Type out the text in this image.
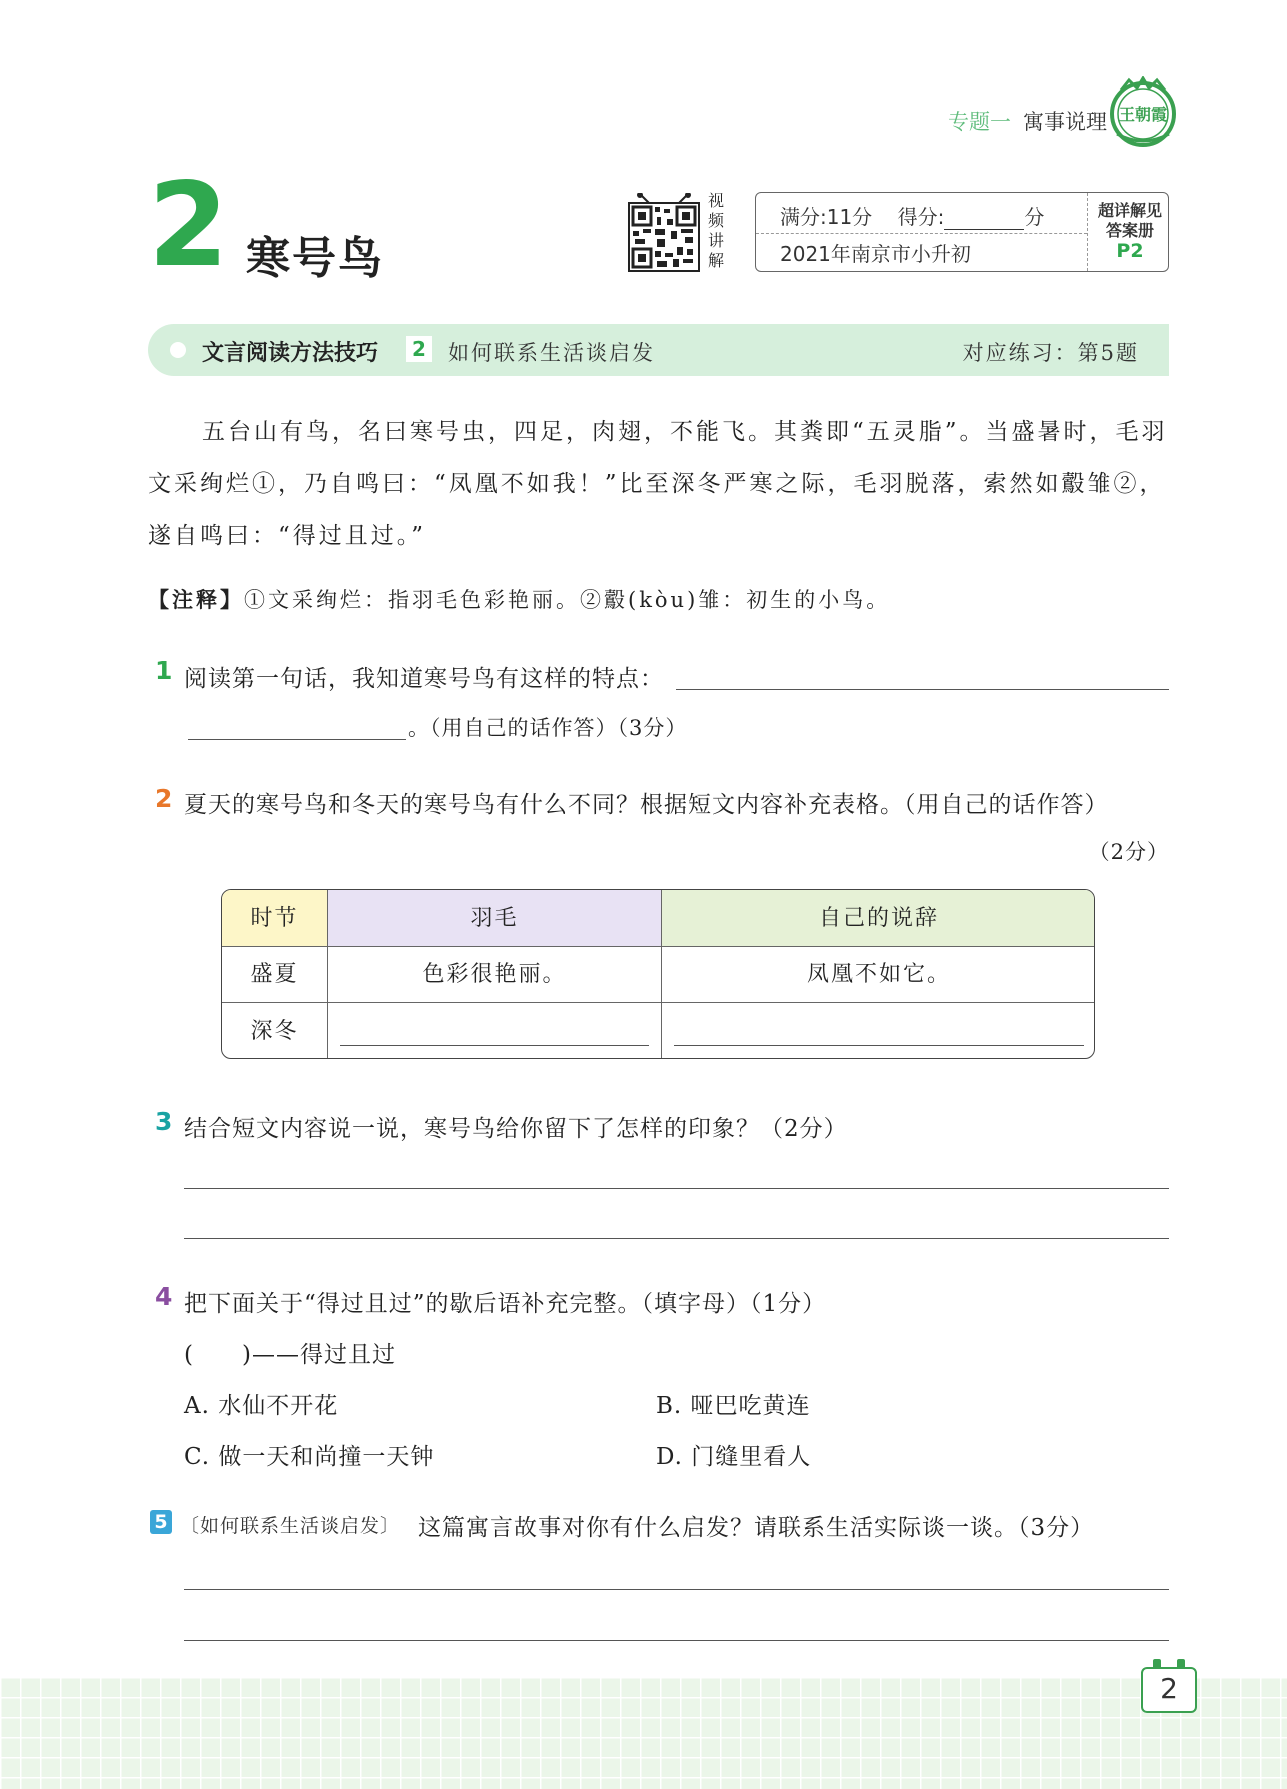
专题一 寓事说理 王朝霞
2 寒号鸟
视频讲解
满分:11分 得分:	分
2021年南京市小升初
超详解见
答案册
P2
文言阅读方法技巧	2 如何联系生活谈启发	对应练习：第5题
五台山有鸟，名曰寒号虫，四足，肉翅，不能飞。其粪即“五灵脂”。当盛暑时，毛羽文采绚烂①，乃自鸣曰：“凤凰不如我！”比至深冬严寒之际，毛羽脱落，索然如鷇雏②，遂自鸣曰：“得过且过。”
【注释】①文采绚烂：指羽毛色彩艳丽。②鷇(kòu)雏：初生的小鸟。
1 阅读第一句话，我知道寒号鸟有这样的特点：
。（用自己的话作答）（3分）
2 夏天的寒号鸟和冬天的寒号鸟有什么不同？根据短文内容补充表格。（用自己的话作答）
（2分）
时节	羽毛	自己的说辞
盛夏	色彩很艳丽。	凤凰不如它。
深冬
3 结合短文内容说一说，寒号鸟给你留下了怎样的印象？（2分）
4 把下面关于“得过且过”的歇后语补充完整。（填字母）（1分）
(　　)——得过且过
A. 水仙不开花	B. 哑巴吃黄连
C. 做一天和尚撞一天钟	D. 门缝里看人
5 〔如何联系生活谈启发〕 这篇寓言故事对你有什么启发？请联系生活实际谈一谈。（3分）
2
